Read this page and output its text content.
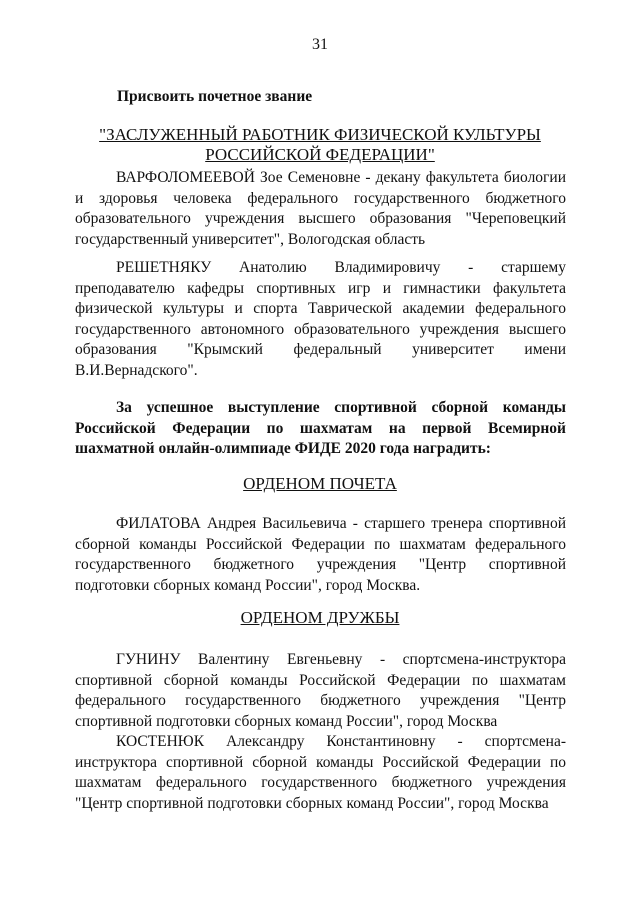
31
Присвоить почетное звание
"ЗАСЛУЖЕННЫЙ РАБОТНИК ФИЗИЧЕСКОЙ КУЛЬТУРЫ
РОССИЙСКОЙ ФЕДЕРАЦИИ"

ВАРФОЛОМЕЕВОЙ Зое Семеновне - декану факультета биологии и здоровья человека федерального государственного бюджетного образовательного учреждения высшего образования "Череповецкий государственный университет", Вологодская область

РЕШЕТНЯКУ Анатолию Владимировичу - старшему преподавателю кафедры спортивных игр и гимнастики факультета физической культуры и спорта Таврической академии федерального государственного автономного образовательного учреждения высшего образования "Крымский федеральный университет имени В.И.Вернадского".

За успешное выступление спортивной сборной команды Российской Федерации по шахматам на первой Всемирной шахматной онлайн-олимпиаде ФИДЕ 2020 года наградить:

ОРДЕНОМ ПОЧЕТА

ФИЛАТОВА Андрея Васильевича - старшего тренера спортивной сборной команды Российской Федерации по шахматам федерального государственного бюджетного учреждения "Центр спортивной подготовки сборных команд России", город Москва.

ОРДЕНОМ ДРУЖБЫ

ГУНИНУ Валентину Евгеньевну - спортсмена-инструктора спортивной сборной команды Российской Федерации по шахматам федерального государственного бюджетного учреждения "Центр спортивной подготовки сборных команд России", город Москва

КОСТЕНЮК Александру Константиновну - спортсмена-инструктора спортивной сборной команды Российской Федерации по шахматам федерального государственного бюджетного учреждения "Центр спортивной подготовки сборных команд России", город Москва
